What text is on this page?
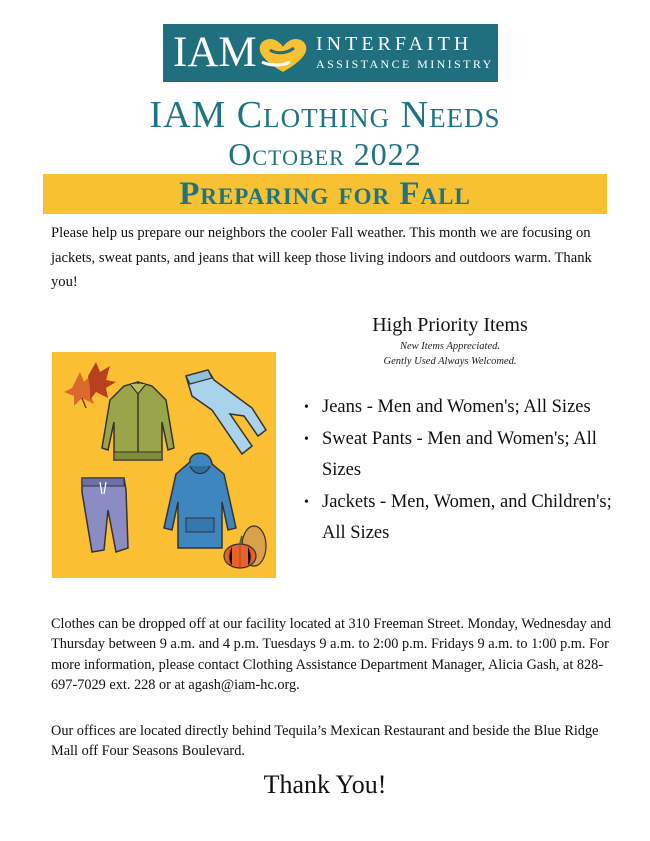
IAM	INTERFAITH
ASSISTANCE MINISTRY
IAM Clothing Needs
October 2022
Preparing for Fall
Please help us prepare our neighbors the cooler Fall weather. This month we are focusing on jackets, sweat pants, and jeans that will keep those living indoors and outdoors warm. Thank you!
High Priority Items
New Items Appreciated.
Gently Used Always Welcomed.
• Jeans - Men and Women's; All Sizes
• Sweat Pants - Men and Women's; All Sizes
• Jackets - Men, Women, and Children's; All Sizes
Clothes can be dropped off at our facility located at 310 Freeman Street. Monday, Wednesday and Thursday between 9 a.m. and 4 p.m. Tuesdays 9 a.m. to 2:00 p.m. Fridays 9 a.m. to 1:00 p.m. For more information, please contact Clothing Assistance Department Manager, Alicia Gash, at 828-697-7029 ext. 228 or at agash@iam-hc.org.
Our offices are located directly behind Tequila’s Mexican Restaurant and beside the Blue Ridge Mall off Four Seasons Boulevard.
Thank You!
